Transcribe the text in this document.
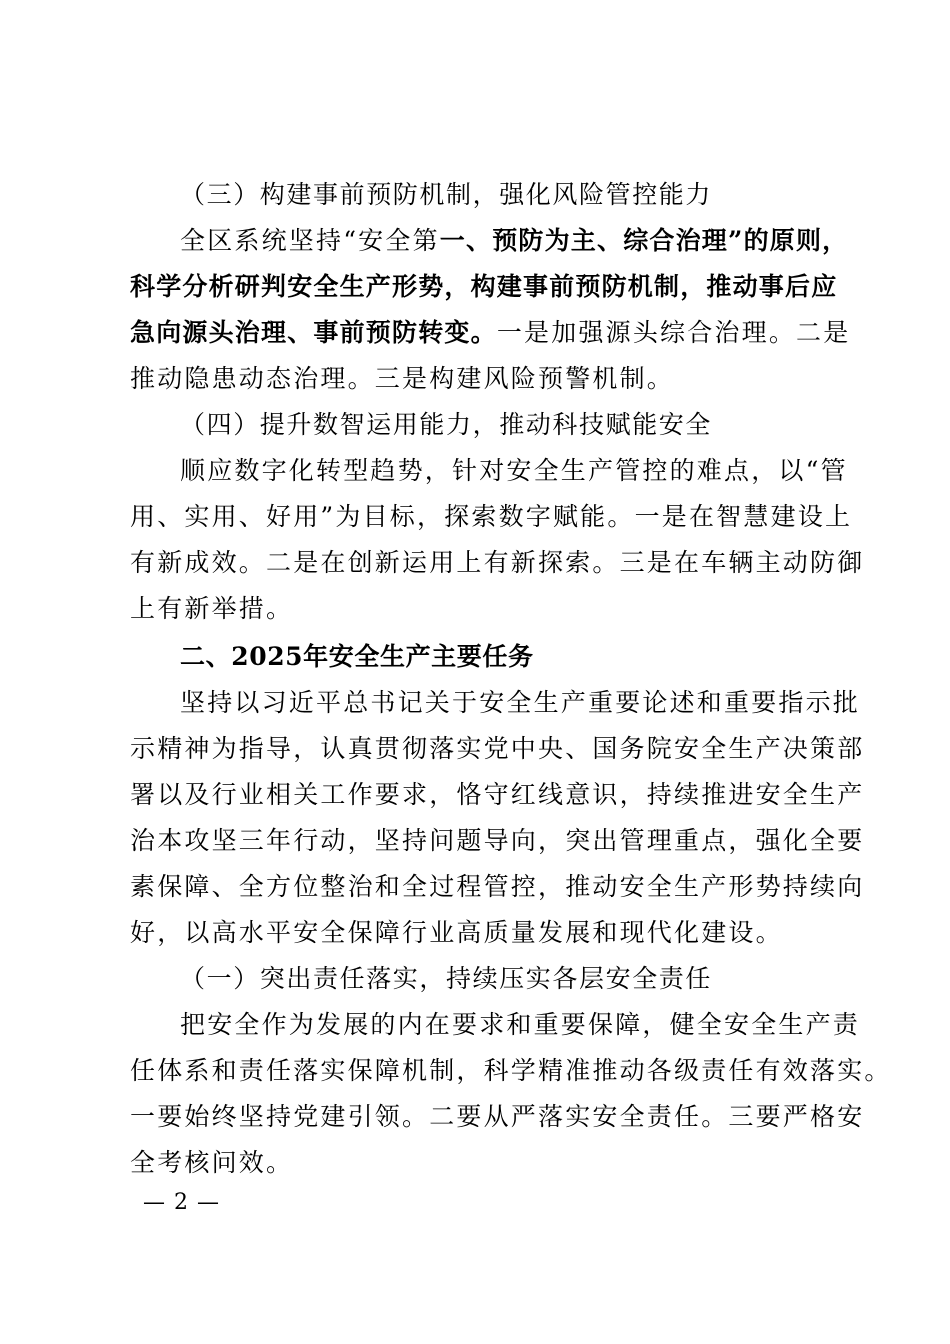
（三）构建事前预防机制，强化风险管控能力
全区系统坚持“安全第一、预防为主、综合治理”的原则，
科学分析研判安全生产形势，构建事前预防机制，推动事后应
急向源头治理、事前预防转变。一是加强源头综合治理。二是
推动隐患动态治理。三是构建风险预警机制。
（四）提升数智运用能力，推动科技赋能安全
顺应数字化转型趋势，针对安全生产管控的难点，以“管
用、实用、好用”为目标，探索数字赋能。一是在智慧建设上
有新成效。二是在创新运用上有新探索。三是在车辆主动防御
上有新举措。
二、2025年安全生产主要任务
坚持以习近平总书记关于安全生产重要论述和重要指示批
示精神为指导，认真贯彻落实党中央、国务院安全生产决策部
署以及行业相关工作要求，恪守红线意识，持续推进安全生产
治本攻坚三年行动，坚持问题导向，突出管理重点，强化全要
素保障、全方位整治和全过程管控，推动安全生产形势持续向
好，以高水平安全保障行业高质量发展和现代化建设。
（一）突出责任落实，持续压实各层安全责任
把安全作为发展的内在要求和重要保障，健全安全生产责
任体系和责任落实保障机制，科学精准推动各级责任有效落实。
一要始终坚持党建引领。二要从严落实安全责任。三要严格安
全考核问效。
— 2 —
